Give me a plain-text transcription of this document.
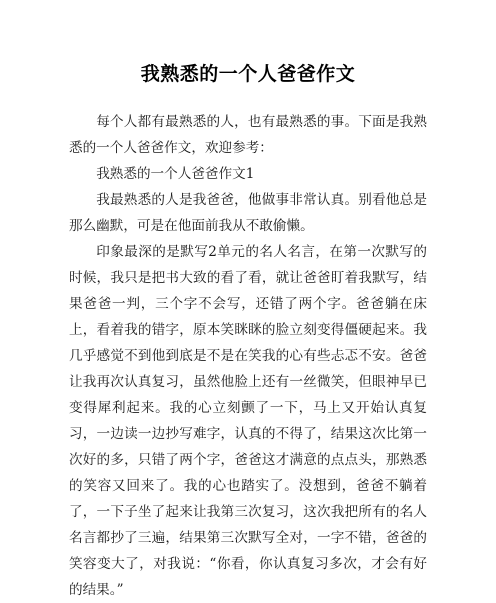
我熟悉的一个人爸爸作文

每个人都有最熟悉的人，也有最熟悉的事。下面是我熟悉的一个人爸爸作文，欢迎参考：

我熟悉的一个人爸爸作文1

我最熟悉的人是我爸爸，他做事非常认真。别看他总是那么幽默，可是在他面前我从不敢偷懒。

印象最深的是默写2单元的名人名言，在第一次默写的时候，我只是把书大致的看了看，就让爸爸盯着我默写，结果爸爸一判，三个字不会写，还错了两个字。爸爸躺在床上，看着我的错字，原本笑眯眯的脸立刻变得僵硬起来。我几乎感觉不到他到底是不是在笑我的心有些忐忑不安。爸爸让我再次认真复习，虽然他脸上还有一丝微笑，但眼神早已变得犀利起来。我的心立刻颤了一下，马上又开始认真复习，一边读一边抄写难字，认真的不得了，结果这次比第一次好的多，只错了两个字，爸爸这才满意的点点头，那熟悉的笑容又回来了。我的心也踏实了。没想到，爸爸不躺着了，一下子坐了起来让我第三次复习，这次我把所有的名人名言都抄了三遍，结果第三次默写全对，一字不错，爸爸的笑容变大了，对我说：“你看，你认真复习多次，才会有好的结果。”
